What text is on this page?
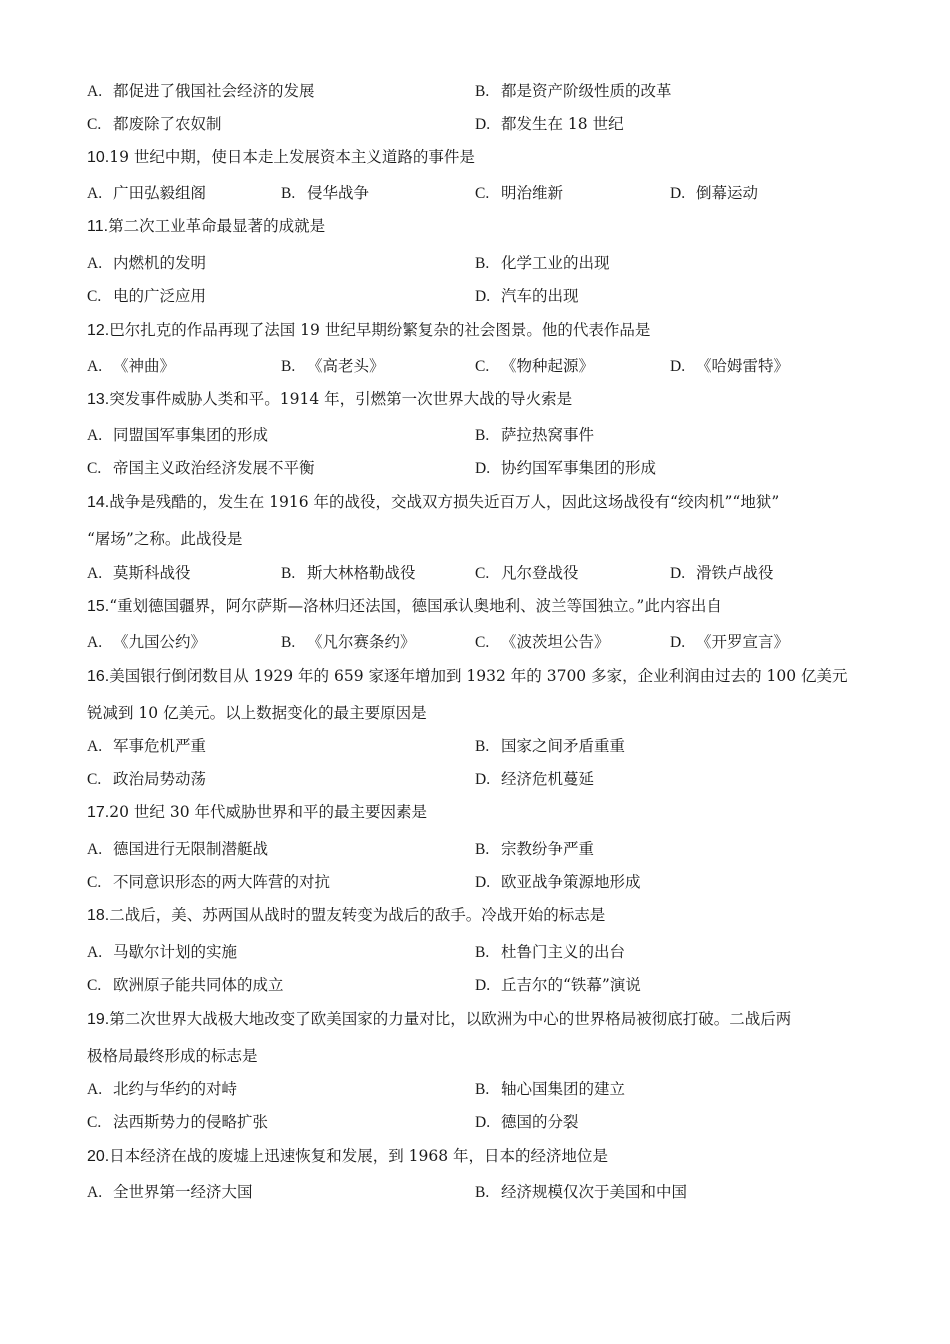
A. 都促进了俄国社会经济的发展	B. 都是资产阶级性质的改革
C. 都废除了农奴制	D. 都发生在 18 世纪
10.19 世纪中期，使日本走上发展资本主义道路的事件是
A. 广田弘毅组阁	B. 侵华战争	C. 明治维新	D. 倒幕运动
11.第二次工业革命最显著的成就是
A. 内燃机的发明	B. 化学工业的出现
C. 电的广泛应用	D. 汽车的出现
12.巴尔扎克的作品再现了法国 19 世纪早期纷繁复杂的社会图景。他的代表作品是
A. 《神曲》	B. 《高老头》	C. 《物种起源》	D. 《哈姆雷特》
13.突发事件威胁人类和平。1914 年，引燃第一次世界大战的导火索是
A. 同盟国军事集团的形成	B. 萨拉热窝事件
C. 帝国主义政治经济发展不平衡	D. 协约国军事集团的形成
14.战争是残酷的，发生在 1916 年的战役，交战双方损失近百万人，因此这场战役有“绞肉机”“地狱”
“屠场”之称。此战役是
A. 莫斯科战役	B. 斯大林格勒战役	C. 凡尔登战役	D. 滑铁卢战役
15.“重划德国疆界，阿尔萨斯—洛林归还法国，德国承认奥地利、波兰等国独立。”此内容出自
A. 《九国公约》	B. 《凡尔赛条约》	C. 《波茨坦公告》	D. 《开罗宣言》
16.美国银行倒闭数目从 1929 年的 659 家逐年增加到 1932 年的 3700 多家，企业利润由过去的 100 亿美元
锐减到 10 亿美元。以上数据变化的最主要原因是
A. 军事危机严重	B. 国家之间矛盾重重
C. 政治局势动荡	D. 经济危机蔓延
17.20 世纪 30 年代威胁世界和平的最主要因素是
A. 德国进行无限制潜艇战	B. 宗教纷争严重
C. 不同意识形态的两大阵营的对抗	D. 欧亚战争策源地形成
18.二战后，美、苏两国从战时的盟友转变为战后的敌手。冷战开始的标志是
A. 马歇尔计划的实施	B. 杜鲁门主义的出台
C. 欧洲原子能共同体的成立	D. 丘吉尔的“铁幕”演说
19.第二次世界大战极大地改变了欧美国家的力量对比，以欧洲为中心的世界格局被彻底打破。二战后两
极格局最终形成的标志是
A. 北约与华约的对峙	B. 轴心国集团的建立
C. 法西斯势力的侵略扩张	D. 德国的分裂
20.日本经济在战的废墟上迅速恢复和发展，到 1968 年，日本的经济地位是
A. 全世界第一经济大国	B. 经济规模仅次于美国和中国
